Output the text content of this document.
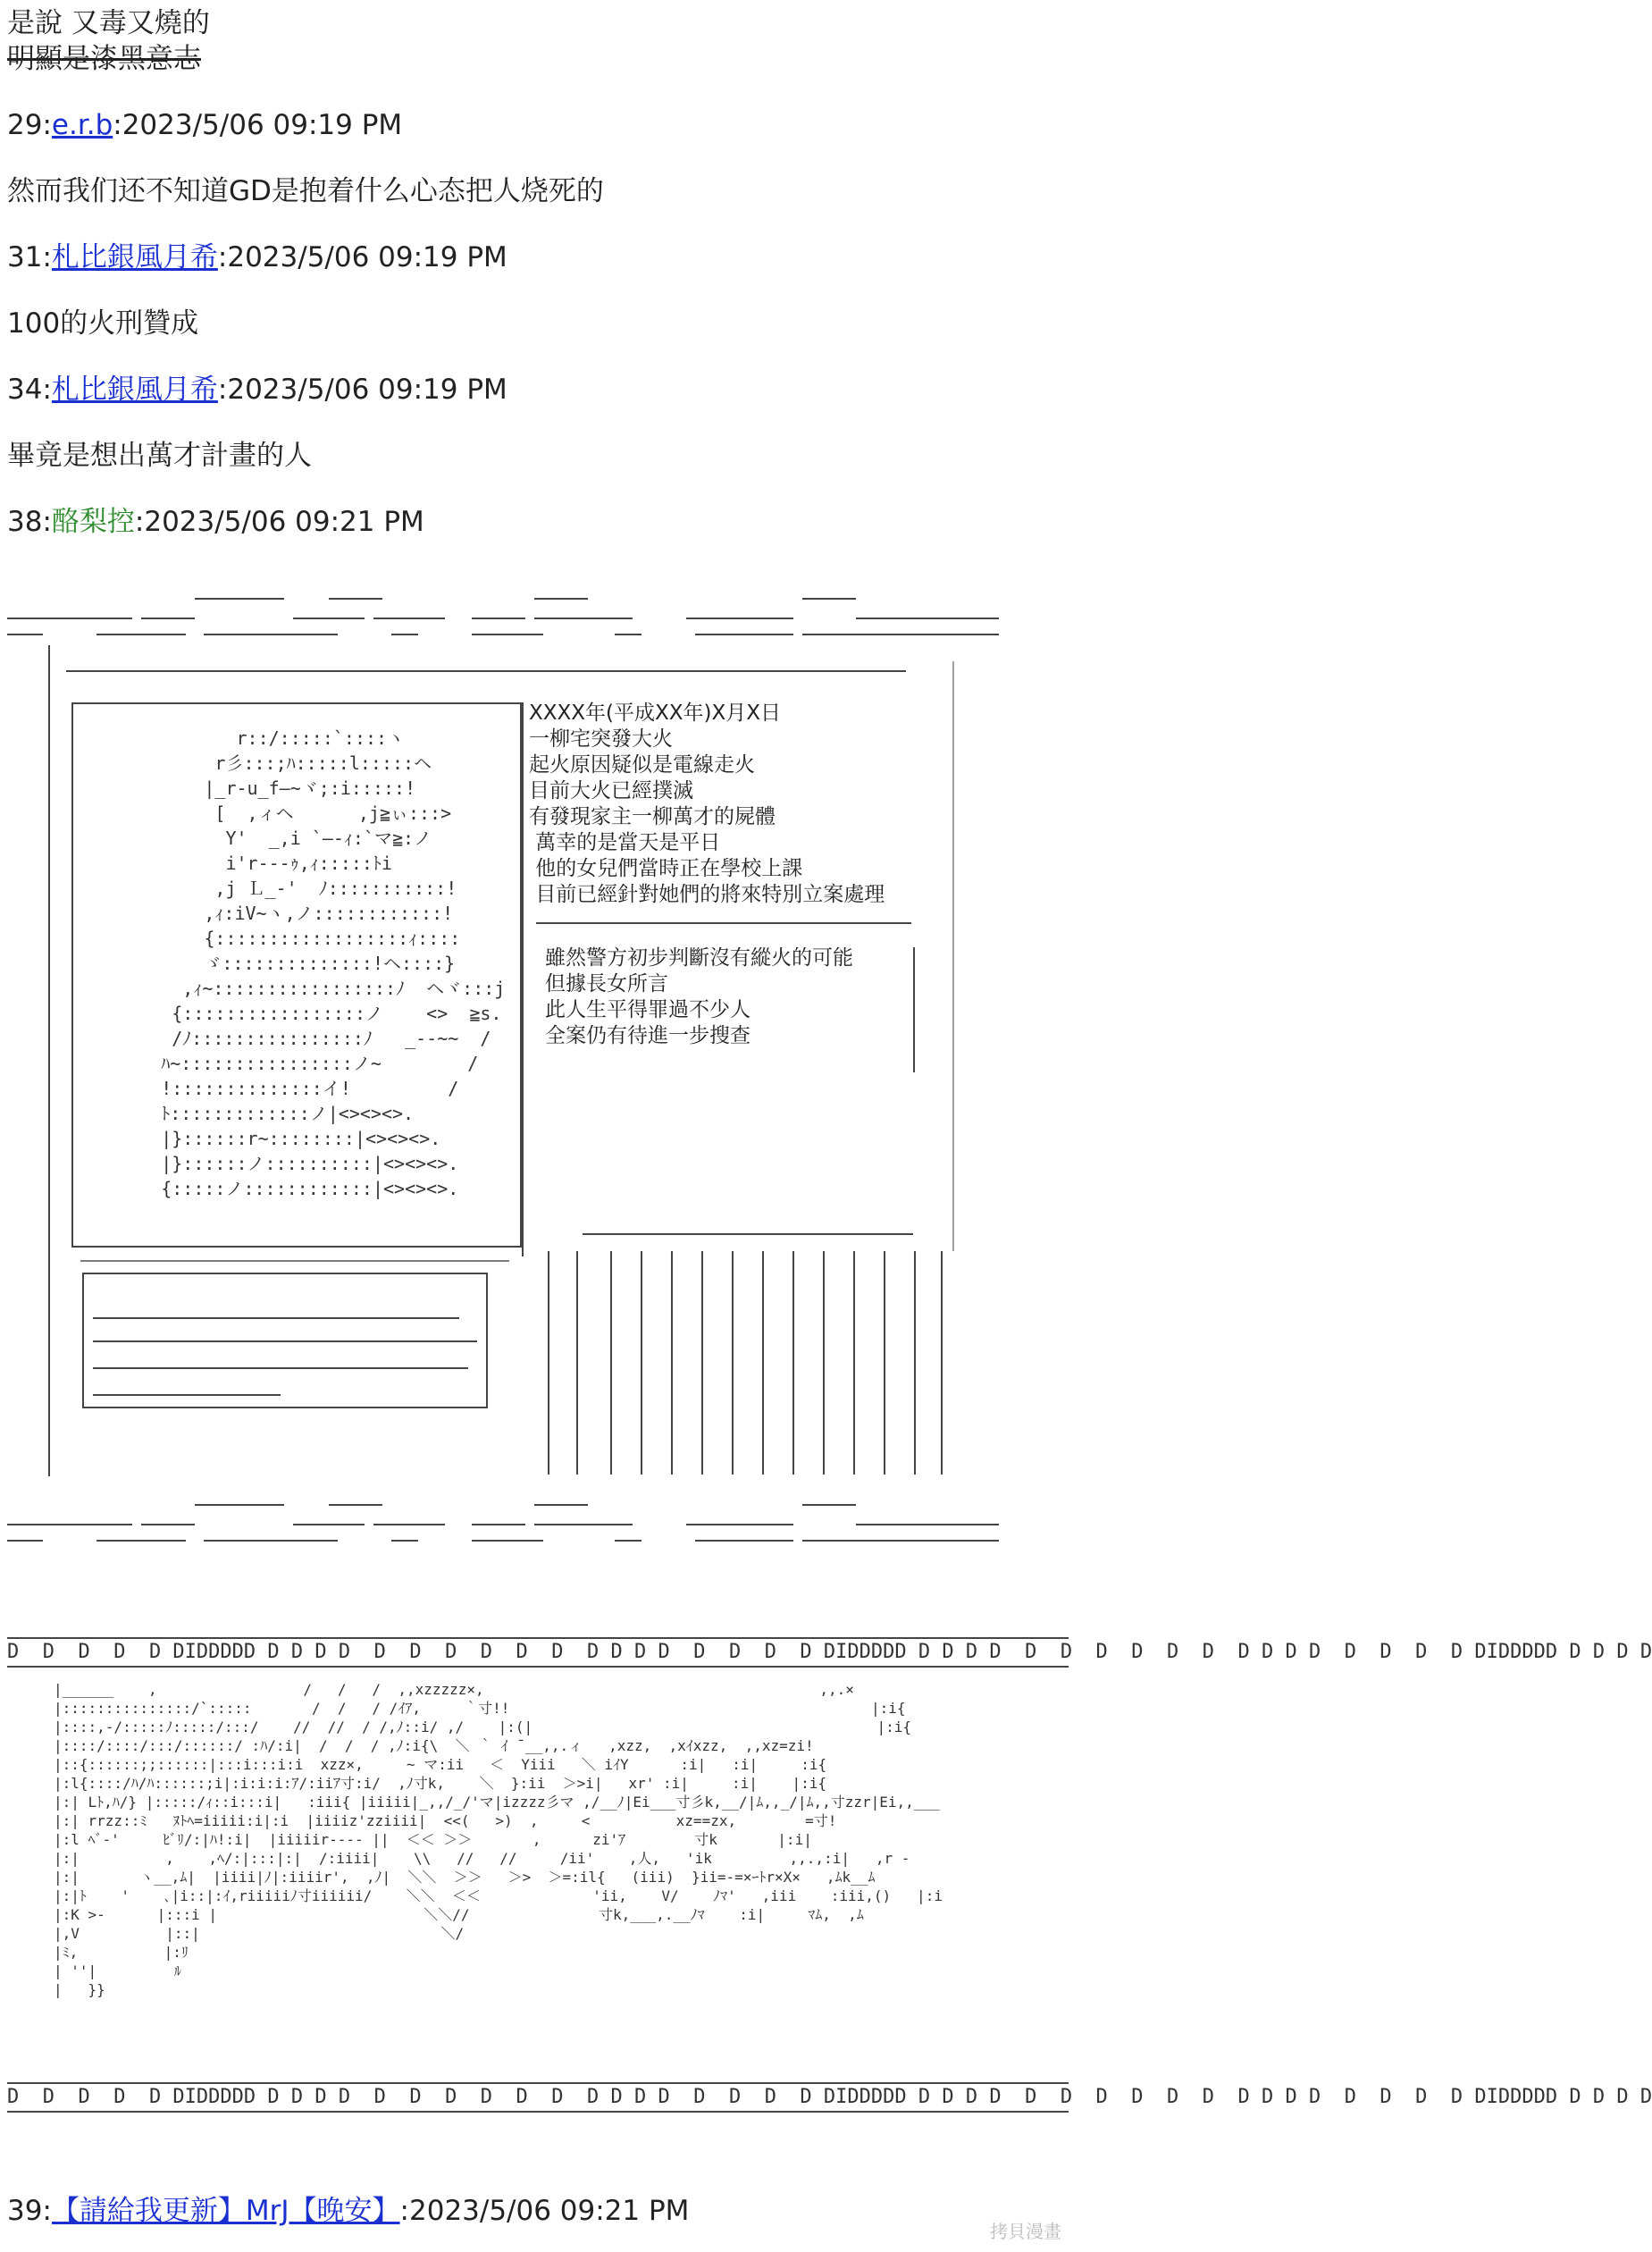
是說 又毒又燒的
明顯是漆黑意志
29:e.r.b:2023/5/06 09:19 PM
然而我们还不知道GD是抱着什么心态把人烧死的
31:札比銀風月希:2023/5/06 09:19 PM
100的火刑贊成
34:札比銀風月希:2023/5/06 09:19 PM
畢竟是想出萬才計畫的人
38:酪梨控:2023/5/06 09:21 PM
r::/:::::`::::ヽ
r彡:::;ﾊ:::::l:::::ヘ
|_r-u_f―~ヾ;:i:::::!
[  ,ィヘ      ,j≧ぃ:::>
Y'  _,i `―-ｨ:`マ≧:ノ
i'r-‐-ｩ,ｨ:::::ﾄi
,j Ｌ_-'  ﾉ:::::::::::!
,ｨ:iV~ヽ,ノ::::::::::::!
{::::::::::::::::::ｨ::::
ゞ::::::::::::::!ヘ::::}
,ｨ~:::::::::::::::::ﾉ  ヘヾ:::j
{:::::::::::::::::ノ    <>  ≧s.
/ﾉ::::::::::::::::ﾉ   _-‐~~  /
ﾊ~::::::::::::::::ノ~        /
!::::::::::::::イ!         /
ﾄ:::::::::::::ノ|<><><>.
|}::::::r~::::::::|<><><>.
|}::::::ノ::::::::::|<><><>.
{:::::ノ::::::::::::|<><><>.
XXXX年(平成XX年)X月X日
一柳宅突發大火
起火原因疑似是電線走火
目前大火已經撲滅
有發現家主一柳萬才的屍體
萬幸的是當天是平日
他的女兒們當時正在學校上課
目前已經針對她們的將來特別立案處理
雖然警方初步判斷沒有縱火的可能
但據長女所言
此人生平得罪過不少人
全案仍有待進一步搜查
D  D  D  D  D DIDDDDD D D D D  D  D  D  D  D  D  D D D D  D  D  D  D DIDDDDD D D D D  D  D  D  D  D  D  D D D D  D  D  D  D DIDDDDD D D D D
|______    ,                 /   /   /  ,,xzzzzz×,                                       ,,.×
|:::::::::::::::/`:::::       /  /   / /ｲｱ,     ｀寸!!                                          |:i{
|::::,-/:::::ﾉ:::::/:::/    //  //  / /,ﾉ::i/ ,/    |:(|                                        |:i{
|::::/::::/:::/::::::/ :ﾊ/:i|  /  /  / ,ﾉ:i{\  ＼ ｀ ｲ ̄ __,,.ィ   ,xzz,  ,xｲxzz,  ,,xz=zi!
|::{::::::;;::::::|:::i:::i:i  xzz×,     ~ マ:ii   ＜  Yiii   ＼ iｲY      :i|   :i|     :i{
|:l{::::/ﾊ/ﾊ::::::;i|:i:i:i:ｱ/:iiｱ寸:i/  ,ﾉ寸k,    ＼  }:ii  ＞>i|   xr' :i|     :i|    |:i{
|:| Lﾄ,ﾊ/} |:::::/ｨ::i:::i|   :iii{ |iiiii|_,,/_/'マ|izzzz彡マ ,/__ﾉ|Ei___寸彡k,__/|ﾑ,,_/|ﾑ,,寸zzr|Ei,,___
|:| rrzz::ﾐ   ﾇﾄﾍ=iiiii:i|:i  |iiiiz'zziiii|  <<(   >)  ,     <          xz==zx,        =寸!
|:l ﾍﾞ-'     ﾋﾞﾘ/:|ﾊ!:i|  |iiiiir--‐- ||  ＜＜ ＞＞       ,      zi'ｱ        寸k       |:i|
|:|          ,    ,ﾍ/:|:::|:|  /:iiii|    \\   //   //     /ii'    ,人,   'ik         ,,.,:i|   ,r -
|:|       ヽ__,ﾑ|  |iiii|ﾉ|:iiiir',  ,ﾉ|  ＼＼  ＞＞   ＞>  ＞=:il{   (iii)  }ii=‐=×ｰﾄr×X×   ,ﾑk__ﾑ
|:|ﾄ    '    ､|i::|:ｲ,riiiiiﾉ寸iiiiii/    ＼＼  ＜＜             'ii,    V/    ﾉﾏ'   ,iii    :iii,()   |:i
|:K >-      |:::i |                        ＼＼//               寸k,___,.__ﾉﾏ    :i|     ﾏﾑ,  ,ﾑ
|,V          |::|                            ＼/
|ﾐ,          |:ﾘ
| ''|         ﾙ
|   }}
D  D  D  D  D DIDDDDD D D D D  D  D  D  D  D  D  D D D D  D  D  D  D DIDDDDD D D D D  D  D  D  D  D  D  D D D D  D  D  D  D DIDDDDD D D D D
39:【請給我更新】MrJ【晚安】:2023/5/06 09:21 PM
拷貝漫畫
